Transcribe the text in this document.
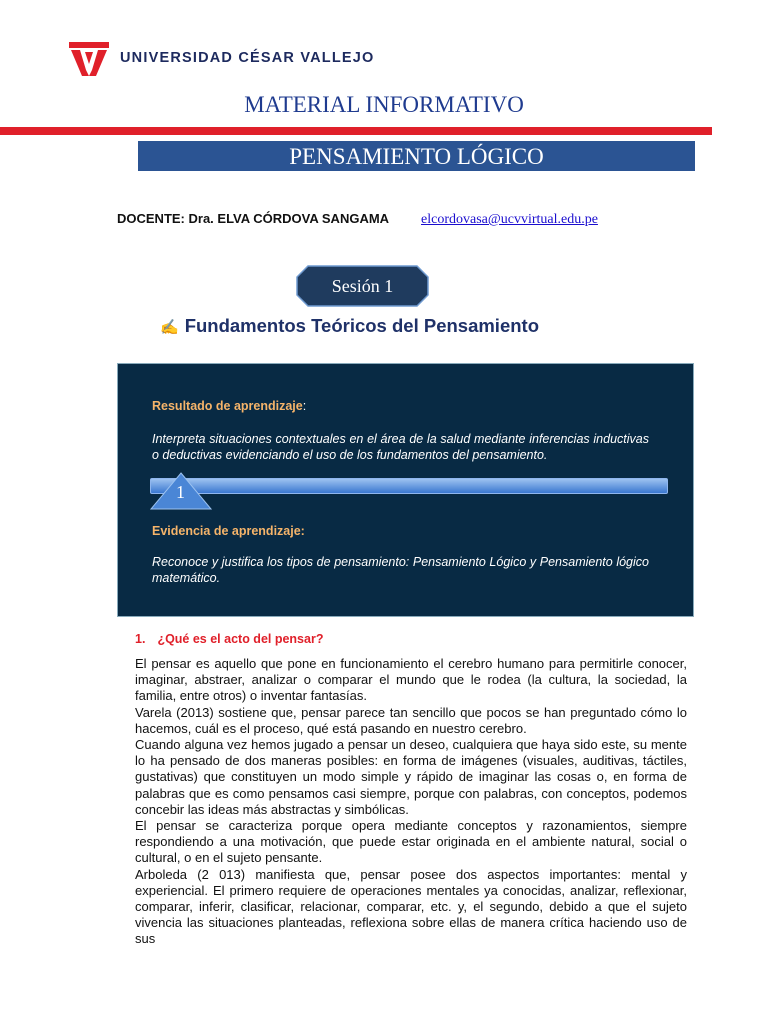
UNIVERSIDAD CÉSAR VALLEJO
MATERIAL INFORMATIVO
PENSAMIENTO LÓGICO
DOCENTE: Dra. ELVA CÓRDOVA SANGAMA elcordovasa@ucvvirtual.edu.pe
Sesión 1
✍ Fundamentos Teóricos del Pensamiento
Resultado de aprendizaje:
Interpreta situaciones contextuales en el área de la salud mediante inferencias inductivas o deductivas evidenciando el uso de los fundamentos del pensamiento.
1
Evidencia de aprendizaje:
Reconoce y justifica los tipos de pensamiento: Pensamiento Lógico y Pensamiento lógico matemático.
1. ¿Qué es el acto del pensar?

El pensar es aquello que pone en funcionamiento el cerebro humano para permitirle conocer, imaginar, abstraer, analizar o comparar el mundo que le rodea (la cultura, la sociedad, la familia, entre otros) o inventar fantasías.

Varela (2013) sostiene que, pensar parece tan sencillo que pocos se han preguntado cómo lo hacemos, cuál es el proceso, qué está pasando en nuestro cerebro.

Cuando alguna vez hemos jugado a pensar un deseo, cualquiera que haya sido este, su mente lo ha pensado de dos maneras posibles: en forma de imágenes (visuales, auditivas, táctiles, gustativas) que constituyen un modo simple y rápido de imaginar las cosas o, en forma de palabras que es como pensamos casi siempre, porque con palabras, con conceptos, podemos concebir las ideas más abstractas y simbólicas.

El pensar se caracteriza porque opera mediante conceptos y razonamientos, siempre respondiendo a una motivación, que puede estar originada en el ambiente natural, social o cultural, o en el sujeto pensante.

Arboleda (2 013) manifiesta que, pensar posee dos aspectos importantes: mental y experiencial. El primero requiere de operaciones mentales ya conocidas, analizar, reflexionar, comparar, inferir, clasificar, relacionar, comparar, etc. y, el segundo, debido a que el sujeto vivencia las situaciones planteadas, reflexiona sobre ellas de manera crítica haciendo uso de sus
